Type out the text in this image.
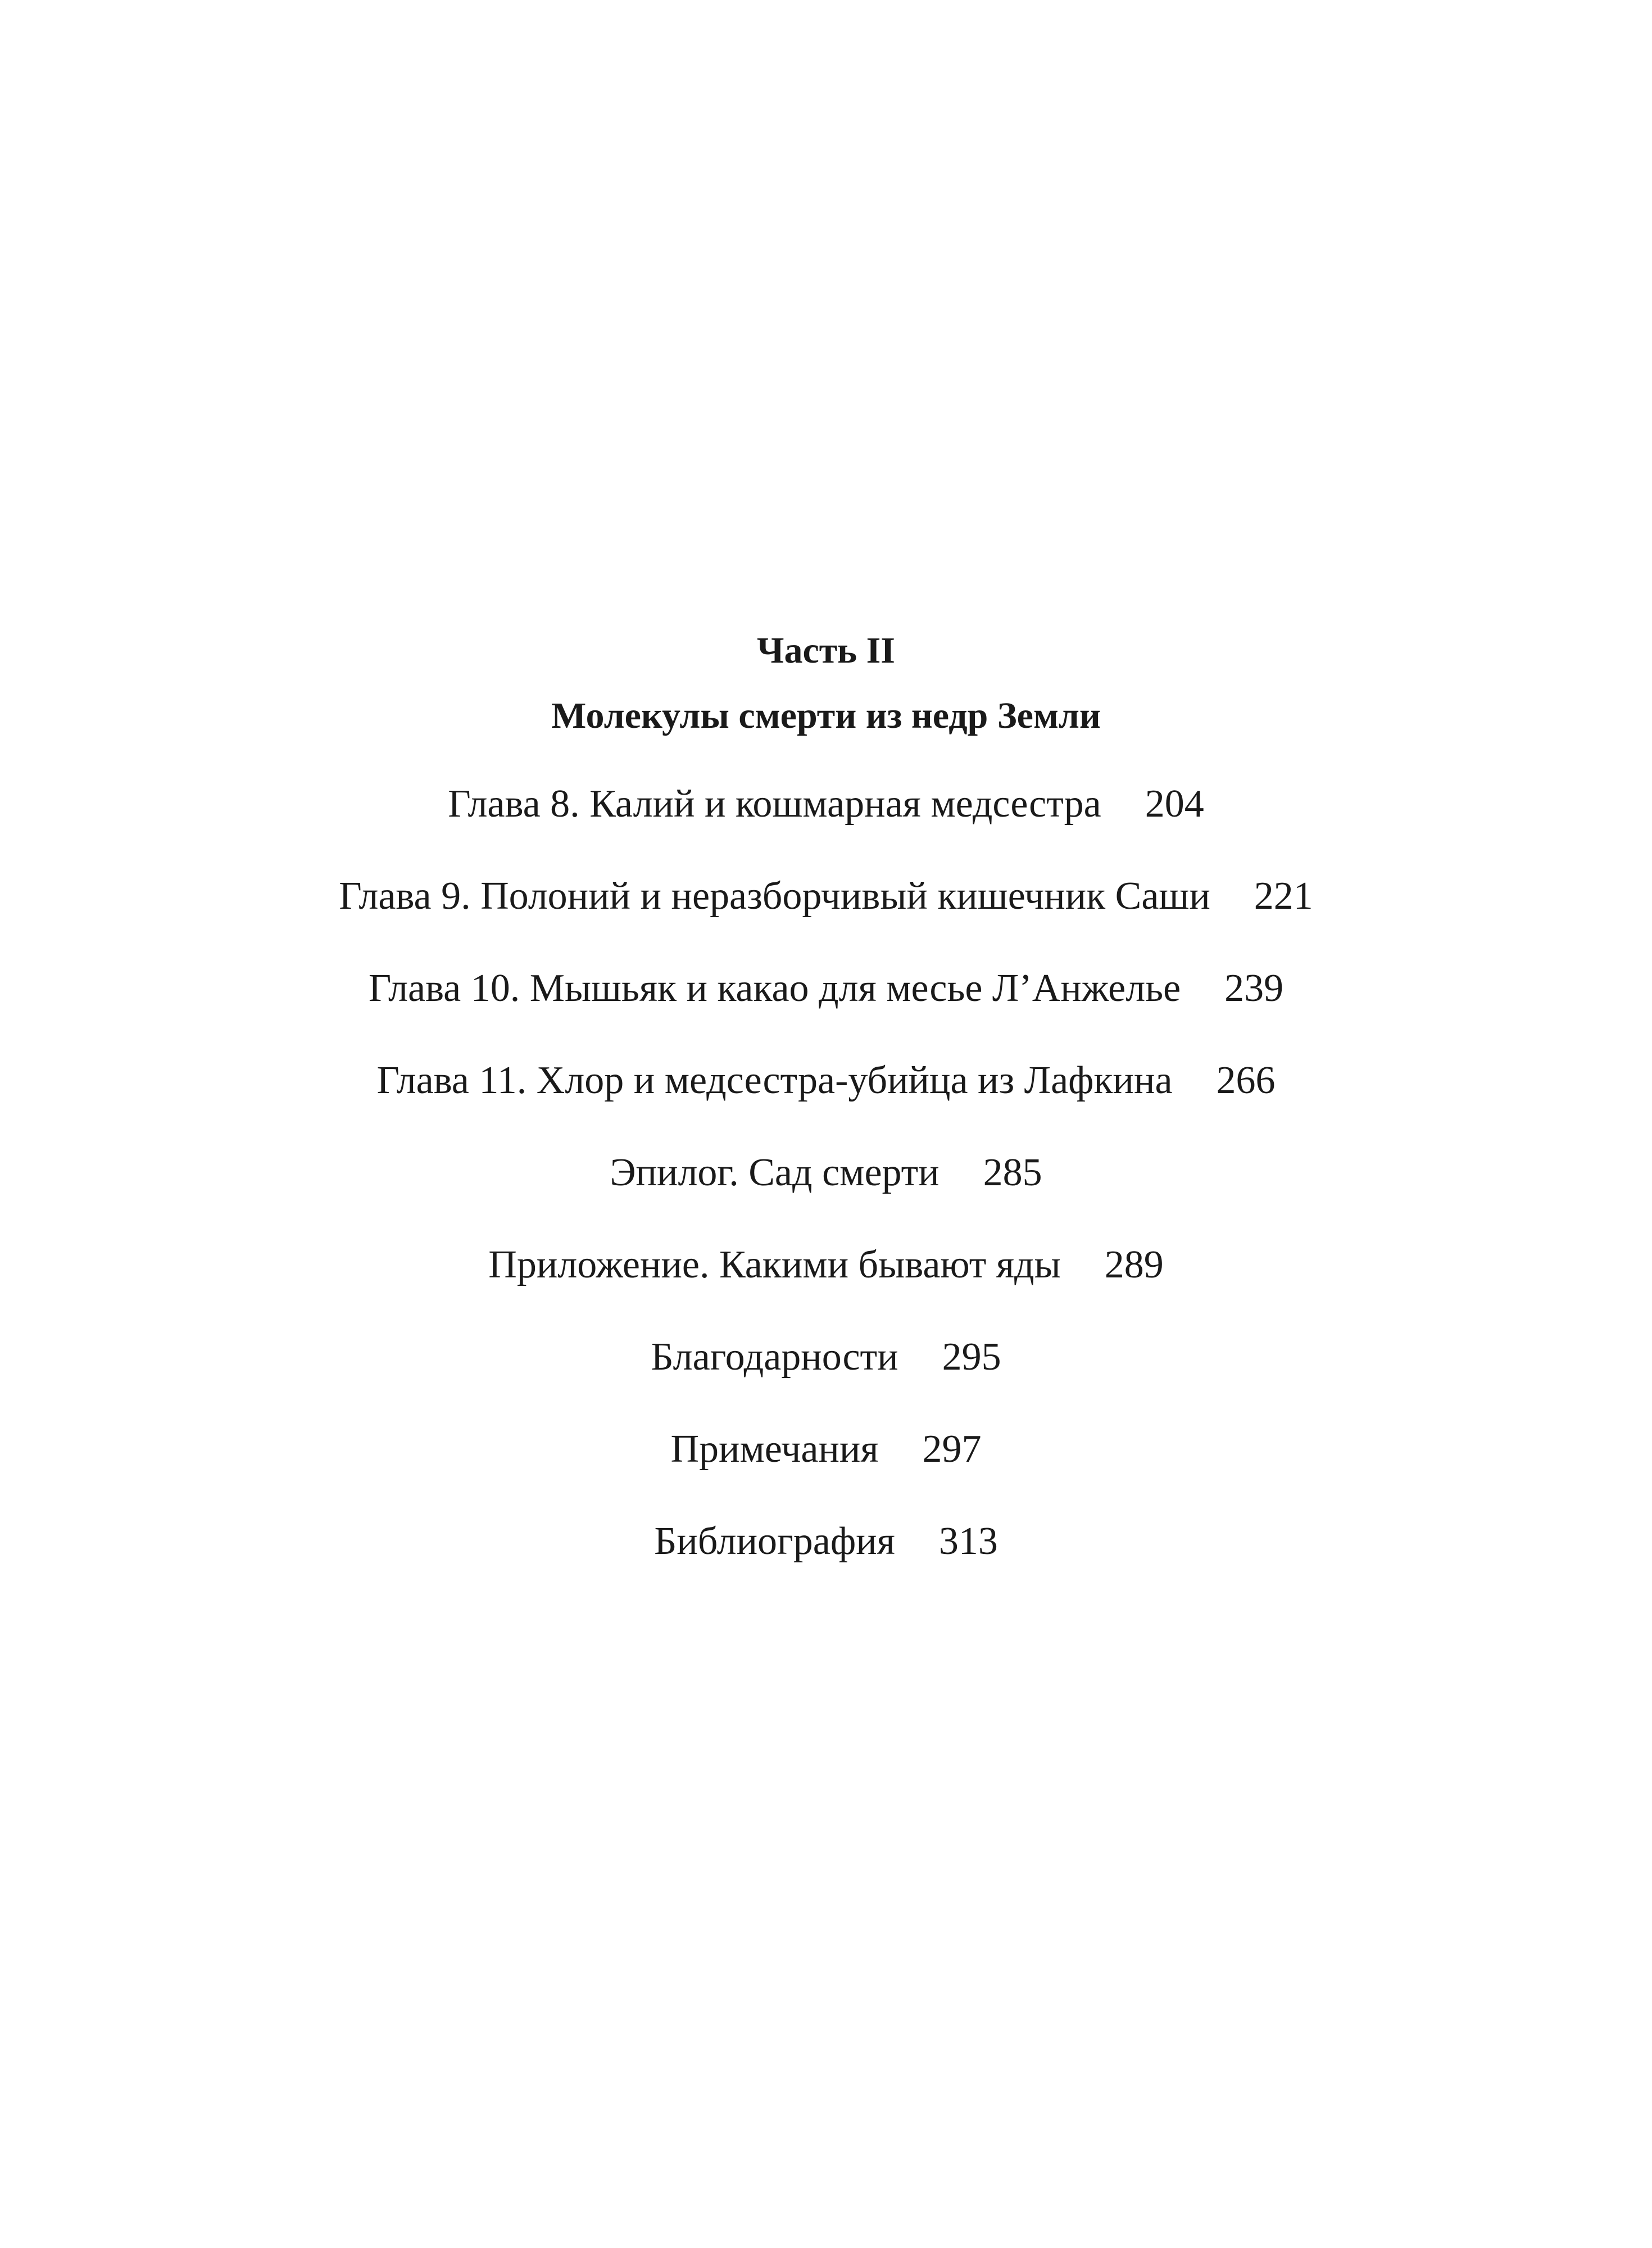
Часть II
Молекулы смерти из недр Земли
Глава 8. Калий и кошмарная медсестра 204
Глава 9. Полоний и неразборчивый кишечник Саши 221
Глава 10. Мышьяк и какао для месье Л’Анжелье 239
Глава 11. Хлор и медсестра-убийца из Лафкина 266
Эпилог. Сад смерти 285
Приложение. Какими бывают яды 289
Благодарности 295
Примечания 297
Библиография 313
